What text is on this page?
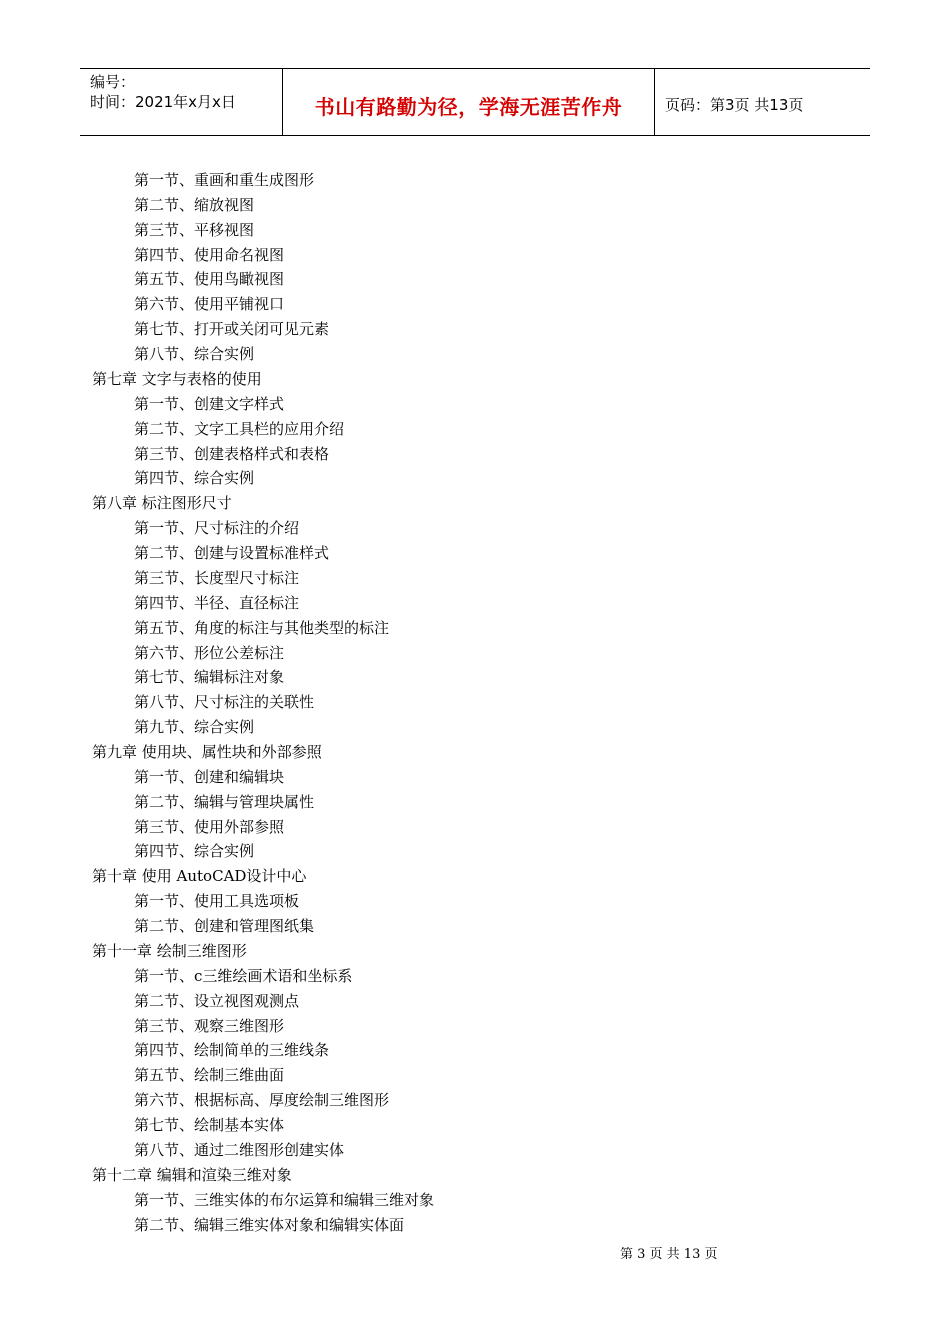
编号：
时间：2021年x月x日	书山有路勤为径，学海无涯苦作舟	页码：第3页 共13页
第一节、重画和重生成图形
第二节、缩放视图
第三节、平移视图
第四节、使用命名视图
第五节、使用鸟瞰视图
第六节、使用平铺视口
第七节、打开或关闭可见元素
第八节、综合实例
第七章 文字与表格的使用
第一节、创建文字样式
第二节、文字工具栏的应用介绍
第三节、创建表格样式和表格
第四节、综合实例
第八章 标注图形尺寸
第一节、尺寸标注的介绍
第二节、创建与设置标准样式
第三节、长度型尺寸标注
第四节、半径、直径标注
第五节、角度的标注与其他类型的标注
第六节、形位公差标注
第七节、编辑标注对象
第八节、尺寸标注的关联性
第九节、综合实例
第九章 使用块、属性块和外部参照
第一节、创建和编辑块
第二节、编辑与管理块属性
第三节、使用外部参照
第四节、综合实例
第十章 使用 AutoCAD设计中心
第一节、使用工具选项板
第二节、创建和管理图纸集
第十一章 绘制三维图形
第一节、c三维绘画术语和坐标系
第二节、设立视图观测点
第三节、观察三维图形
第四节、绘制简单的三维线条
第五节、绘制三维曲面
第六节、根据标高、厚度绘制三维图形
第七节、绘制基本实体
第八节、通过二维图形创建实体
第十二章 编辑和渲染三维对象
第一节、三维实体的布尔运算和编辑三维对象
第二节、编辑三维实体对象和编辑实体面
第 3 页 共 13 页
